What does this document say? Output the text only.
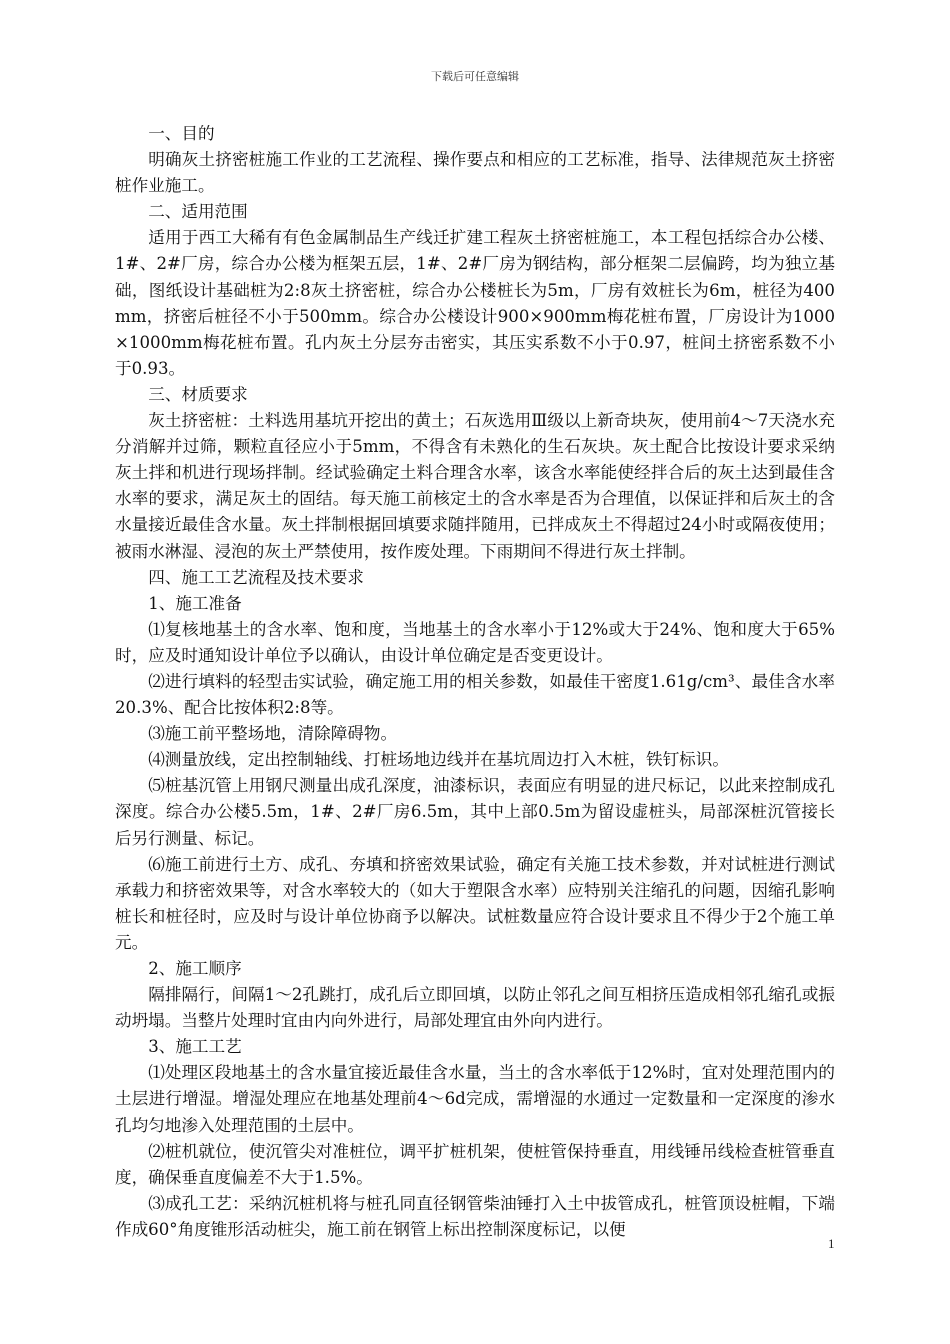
下载后可任意编辑

一、目的

明确灰土挤密桩施工作业的工艺流程、操作要点和相应的工艺标准，指导、法律规范灰土挤密桩作业施工。

二、适用范围

适用于西工大稀有有色金属制品生产线迁扩建工程灰土挤密桩施工，本工程包括综合办公楼、1#、2#厂房，综合办公楼为框架五层，1#、2#厂房为钢结构，部分框架二层偏跨，均为独立基础，图纸设计基础桩为2:8灰土挤密桩，综合办公楼桩长为5m，厂房有效桩长为6m，桩径为400mm，挤密后桩径不小于500mm。综合办公楼设计900×900mm梅花桩布置，厂房设计为1000×1000mm梅花桩布置。孔内灰土分层夯击密实，其压实系数不小于0.97，桩间土挤密系数不小于0.93。

三、材质要求

灰土挤密桩：土料选用基坑开挖出的黄土；石灰选用Ⅲ级以上新奇块灰，使用前4～7天浇水充分消解并过筛，颗粒直径应小于5mm，不得含有未熟化的生石灰块。灰土配合比按设计要求采纳灰土拌和机进行现场拌制。经试验确定土料合理含水率，该含水率能使经拌合后的灰土达到最佳含水率的要求，满足灰土的固结。每天施工前核定土的含水率是否为合理值，以保证拌和后灰土的含水量接近最佳含水量。灰土拌制根据回填要求随拌随用，已拌成灰土不得超过24小时或隔夜使用；被雨水淋湿、浸泡的灰土严禁使用，按作废处理。下雨期间不得进行灰土拌制。

四、施工工艺流程及技术要求

1、施工准备

⑴复核地基土的含水率、饱和度，当地基土的含水率小于12%或大于24%、饱和度大于65%时，应及时通知设计单位予以确认，由设计单位确定是否变更设计。

⑵进行填料的轻型击实试验，确定施工用的相关参数，如最佳干密度1.61g/cm³、最佳含水率20.3%、配合比按体积2:8等。

⑶施工前平整场地，清除障碍物。

⑷测量放线，定出控制轴线、打桩场地边线并在基坑周边打入木桩，铁钉标识。

⑸桩基沉管上用钢尺测量出成孔深度，油漆标识，表面应有明显的进尺标记，以此来控制成孔深度。综合办公楼5.5m，1#、2#厂房6.5m，其中上部0.5m为留设虚桩头，局部深桩沉管接长后另行测量、标记。

⑹施工前进行土方、成孔、夯填和挤密效果试验，确定有关施工技术参数，并对试桩进行测试承载力和挤密效果等，对含水率较大的（如大于塑限含水率）应特别关注缩孔的问题，因缩孔影响桩长和桩径时，应及时与设计单位协商予以解决。试桩数量应符合设计要求且不得少于2个施工单元。

2、施工顺序

隔排隔行，间隔1～2孔跳打，成孔后立即回填，以防止邻孔之间互相挤压造成相邻孔缩孔或振动坍塌。当整片处理时宜由内向外进行，局部处理宜由外向内进行。

3、施工工艺

⑴处理区段地基土的含水量宜接近最佳含水量，当土的含水率低于12%时，宜对处理范围内的土层进行增湿。增湿处理应在地基处理前4～6d完成，需增湿的水通过一定数量和一定深度的渗水孔均匀地渗入处理范围的土层中。

⑵桩机就位，使沉管尖对准桩位，调平扩桩机架，使桩管保持垂直，用线锤吊线检查桩管垂直度，确保垂直度偏差不大于1.5%。

⑶成孔工艺：采纳沉桩机将与桩孔同直径钢管柴油锤打入土中拔管成孔，桩管顶设桩帽，下端作成60°角度锥形活动桩尖，施工前在钢管上标出控制深度标记，以便

1
